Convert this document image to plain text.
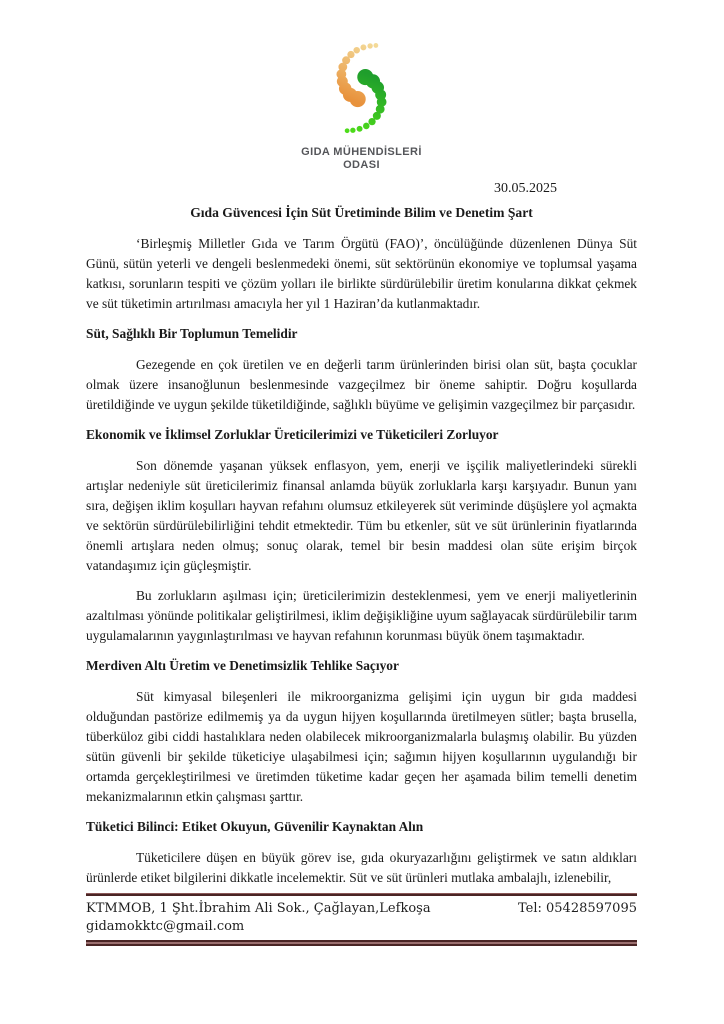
GIDA MÜHENDİSLERİ
ODASI
30.05.2025
Gıda Güvencesi İçin Süt Üretiminde Bilim ve Denetim Şart

‘Birleşmiş Milletler Gıda ve Tarım Örgütü (FAO)’, öncülüğünde düzenlenen Dünya Süt Günü, sütün yeterli ve dengeli beslenmedeki önemi, süt sektörünün ekonomiye ve toplumsal yaşama katkısı, sorunların tespiti ve çözüm yolları ile birlikte sürdürülebilir üretim konularına dikkat çekmek ve süt tüketimin artırılması amacıyla her yıl 1 Haziran’da kutlanmaktadır.

Süt, Sağlıklı Bir Toplumun Temelidir

Gezegende en çok üretilen ve en değerli tarım ürünlerinden birisi olan süt, başta çocuklar olmak üzere insanoğlunun beslenmesinde vazgeçilmez bir öneme sahiptir. Doğru koşullarda üretildiğinde ve uygun şekilde tüketildiğinde, sağlıklı büyüme ve gelişimin vazgeçilmez bir parçasıdır.

Ekonomik ve İklimsel Zorluklar Üreticilerimizi ve Tüketicileri Zorluyor

Son dönemde yaşanan yüksek enflasyon, yem, enerji ve işçilik maliyetlerindeki sürekli artışlar nedeniyle süt üreticilerimiz finansal anlamda büyük zorluklarla karşı karşıyadır. Bunun yanı sıra, değişen iklim koşulları hayvan refahını olumsuz etkileyerek süt veriminde düşüşlere yol açmakta ve sektörün sürdürülebilirliğini tehdit etmektedir. Tüm bu etkenler, süt ve süt ürünlerinin fiyatlarında önemli artışlara neden olmuş; sonuç olarak, temel bir besin maddesi olan süte erişim birçok vatandaşımız için güçleşmiştir.

Bu zorlukların aşılması için; üreticilerimizin desteklenmesi, yem ve enerji maliyetlerinin azaltılması yönünde politikalar geliştirilmesi, iklim değişikliğine uyum sağlayacak sürdürülebilir tarım uygulamalarının yaygınlaştırılması ve hayvan refahının korunması büyük önem taşımaktadır.

Merdiven Altı Üretim ve Denetimsizlik Tehlike Saçıyor

Süt kimyasal bileşenleri ile mikroorganizma gelişimi için uygun bir gıda maddesi olduğundan pastörize edilmemiş ya da uygun hijyen koşullarında üretilmeyen sütler; başta brusella, tüberküloz gibi ciddi hastalıklara neden olabilecek mikroorganizmalarla bulaşmış olabilir. Bu yüzden sütün güvenli bir şekilde tüketiciye ulaşabilmesi için; sağımın hijyen koşullarının uygulandığı bir ortamda gerçekleştirilmesi ve üretimden tüketime kadar geçen her aşamada bilim temelli denetim mekanizmalarının etkin çalışması şarttır.

Tüketici Bilinci: Etiket Okuyun, Güvenilir Kaynaktan Alın

Tüketicilere düşen en büyük görev ise, gıda okuryazarlığını geliştirmek ve satın aldıkları ürünlerde etiket bilgilerini dikkatle incelemektir. Süt ve süt ürünleri mutlaka ambalajlı, izlenebilir,

KTMMOB, 1 Şht.İbrahim Ali Sok., Çağlayan,Lefkoşa	Tel: 05428597095
gidamokktc@gmail.com
